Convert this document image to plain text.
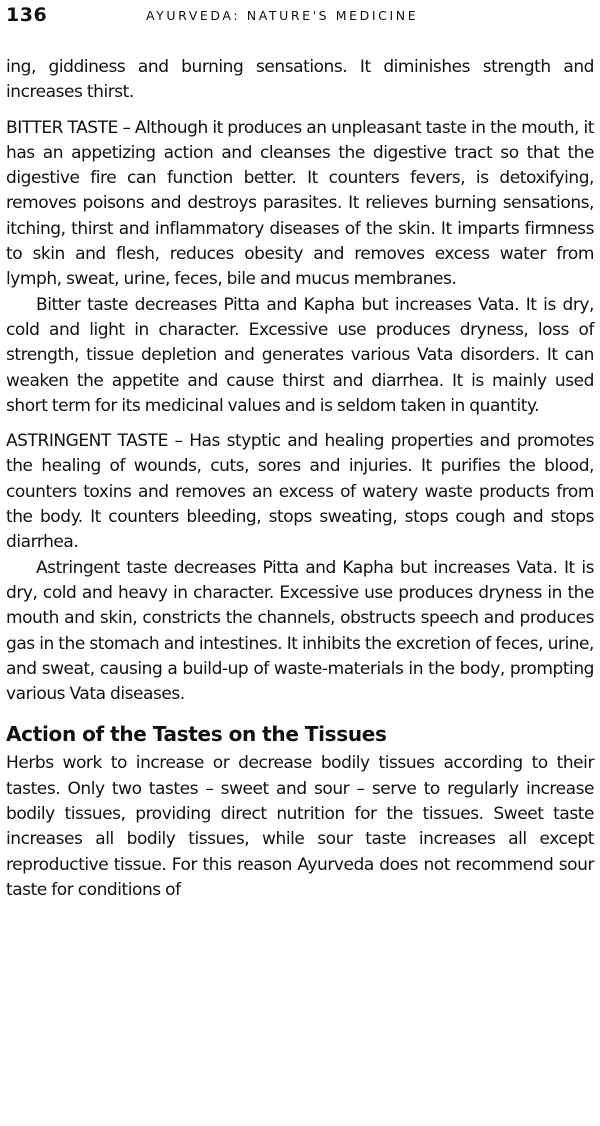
136	AYURVEDA: NATURE'S MEDICINE

ing, giddiness and burning sensations. It diminishes strength and increases thirst.

BITTER TASTE – Although it produces an unpleasant taste in the mouth, it has an appetizing action and cleanses the digestive tract so that the digestive fire can function better. It counters fevers, is detoxifying, removes poisons and destroys parasites. It relieves burning sensations, itching, thirst and inflammatory diseases of the skin. It imparts firmness to skin and flesh, reduces obesity and removes excess water from lymph, sweat, urine, feces, bile and mucus membranes.

Bitter taste decreases Pitta and Kapha but increases Vata. It is dry, cold and light in character. Excessive use produces dryness, loss of strength, tissue depletion and generates various Vata disorders. It can weaken the appetite and cause thirst and diarrhea. It is mainly used short term for its medicinal values and is seldom taken in quantity.

ASTRINGENT TASTE – Has styptic and healing properties and promotes the healing of wounds, cuts, sores and injuries. It purifies the blood, counters toxins and removes an excess of watery waste products from the body. It counters bleeding, stops sweating, stops cough and stops diarrhea.

Astringent taste decreases Pitta and Kapha but increases Vata. It is dry, cold and heavy in character. Excessive use produces dryness in the mouth and skin, constricts the channels, obstructs speech and produces gas in the stomach and intestines. It inhibits the excretion of feces, urine, and sweat, causing a build-up of waste-materials in the body, prompting various Vata diseases.

Action of the Tastes on the Tissues

Herbs work to increase or decrease bodily tissues according to their tastes. Only two tastes – sweet and sour – serve to regularly increase bodily tissues, providing direct nutrition for the tissues. Sweet taste increases all bodily tissues, while sour taste increases all except reproductive tissue. For this reason Ayurveda does not recommend sour taste for conditions of
